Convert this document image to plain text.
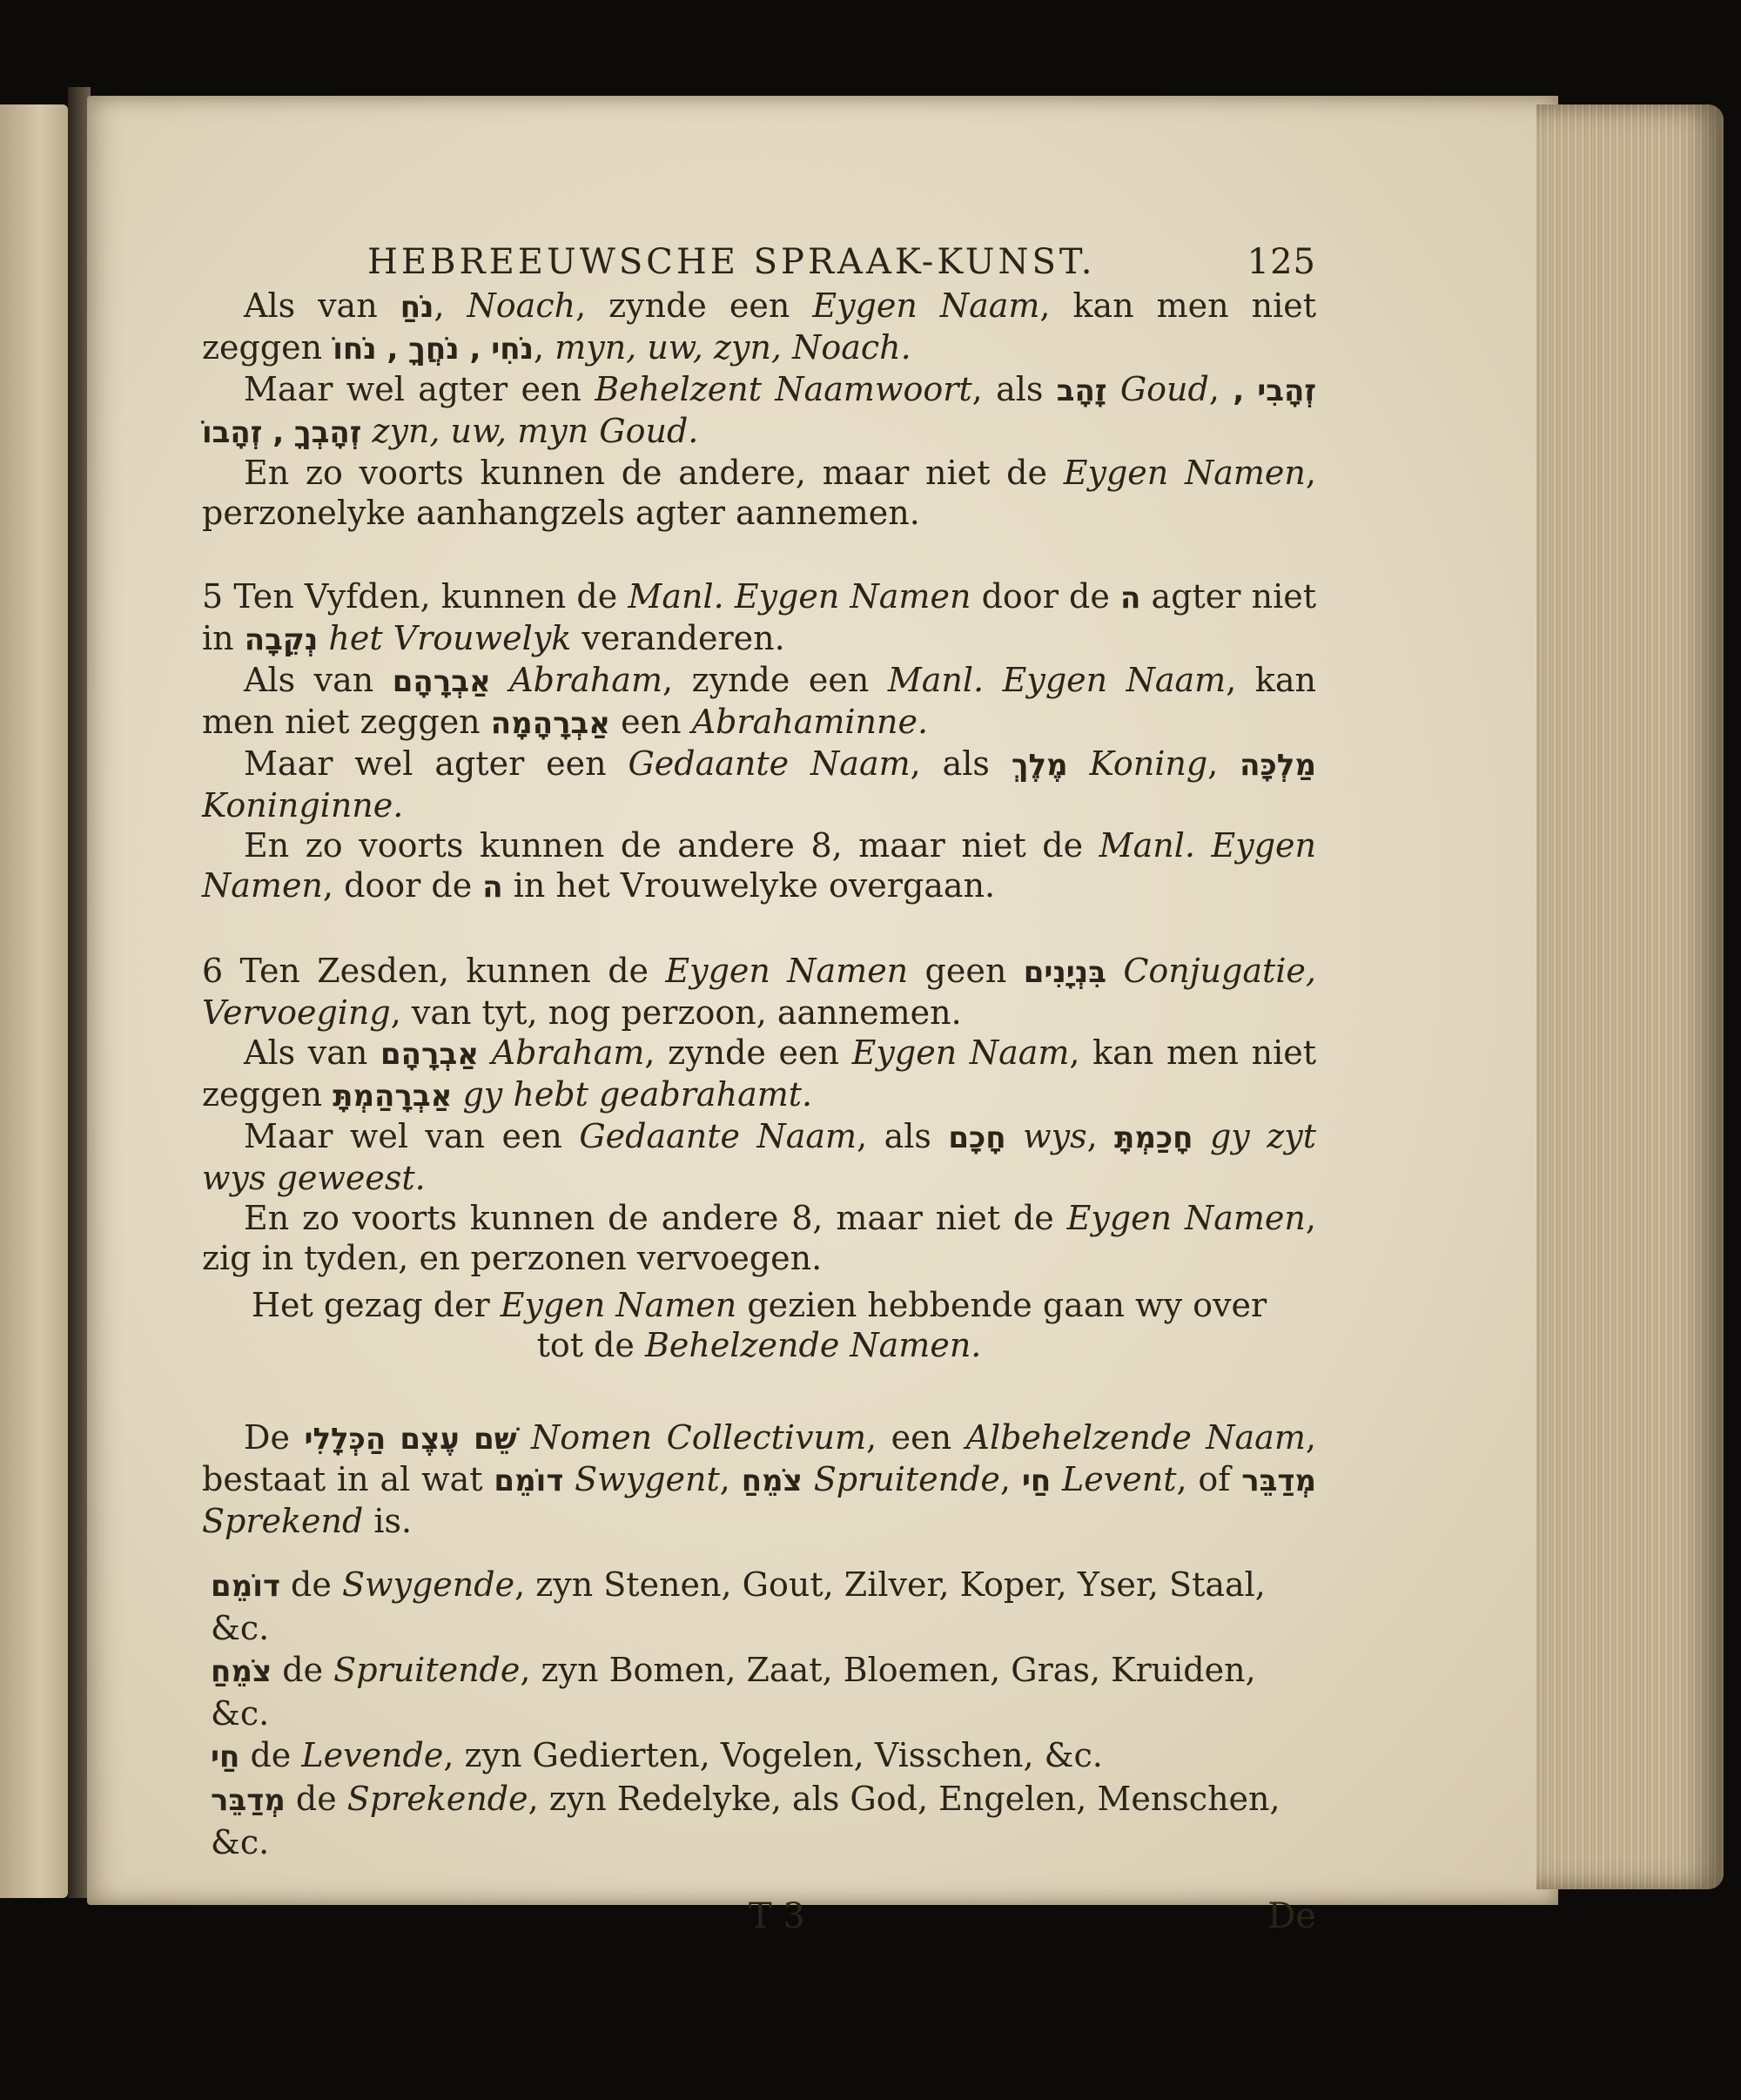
HEBREEUWSCHE SPRAAK-KUNST.	125

Als van נֹחַ, Noach, zynde een Eygen Naam, kan men niet zeggen נֹחִי , נֹחֲךָ , נֹחוֹ, myn, uw, zyn, Noach.

Maar wel agter een Behelzent Naamwoort, als זָהָב Goud, זְהָבִי , זְהָבְךָ , זְהָבוֹ zyn, uw, myn Goud.

En zo voorts kunnen de andere, maar niet de Eygen Namen, perzonelyke aanhangzels agter aannemen.

5 Ten Vyfden, kunnen de Manl. Eygen Namen door de ה agter niet in נְקֵבָה het Vrouwelyk veranderen.

Als van אַבְרָהָם Abraham, zynde een Manl. Eygen Naam, kan men niet zeggen אַבְרָהָמָה een Abrahaminne.

Maar wel agter een Gedaante Naam, als מֶלֶךְ Koning, מַלְכָּה Koninginne.

En zo voorts kunnen de andere 8, maar niet de Manl. Eygen Namen, door de ה in het Vrouwelyke overgaan.

6 Ten Zesden, kunnen de Eygen Namen geen בִּנְיָנִים Conjugatie, Vervoeging, van tyt, nog perzoon, aannemen.

Als van אַבְרָהָם Abraham, zynde een Eygen Naam, kan men niet zeggen אַבְרָהַמְתָּ gy hebt geabrahamt.

Maar wel van een Gedaante Naam, als חָכָם wys, חָכַמְתָּ gy zyt wys geweest.

En zo voorts kunnen de andere 8, maar niet de Eygen Namen, zig in tyden, en perzonen vervoegen.

Het gezag der Eygen Namen gezien hebbende gaan wy over
tot de Behelzende Namen.

De שֵׁם עֶצֶם הַכְּלָלִי Nomen Collectivum, een Albehelzende Naam, bestaat in al wat דוֹמֵם Swygent, צֹמֵחַ Spruitende, חַי Levent, of מְדַבֵּר Sprekend is.

דוֹמֵם de Swygende, zyn Stenen, Gout, Zilver, Koper, Yser, Staal, &c.

צֹמֵחַ de Spruitende, zyn Bomen, Zaat, Bloemen, Gras, Kruiden, &c.

חַי de Levende, zyn Gedierten, Vogelen, Visschen, &c.

מְדַבֵּר de Sprekende, zyn Redelyke, als God, Engelen, Menschen, &c.

T 3	De
